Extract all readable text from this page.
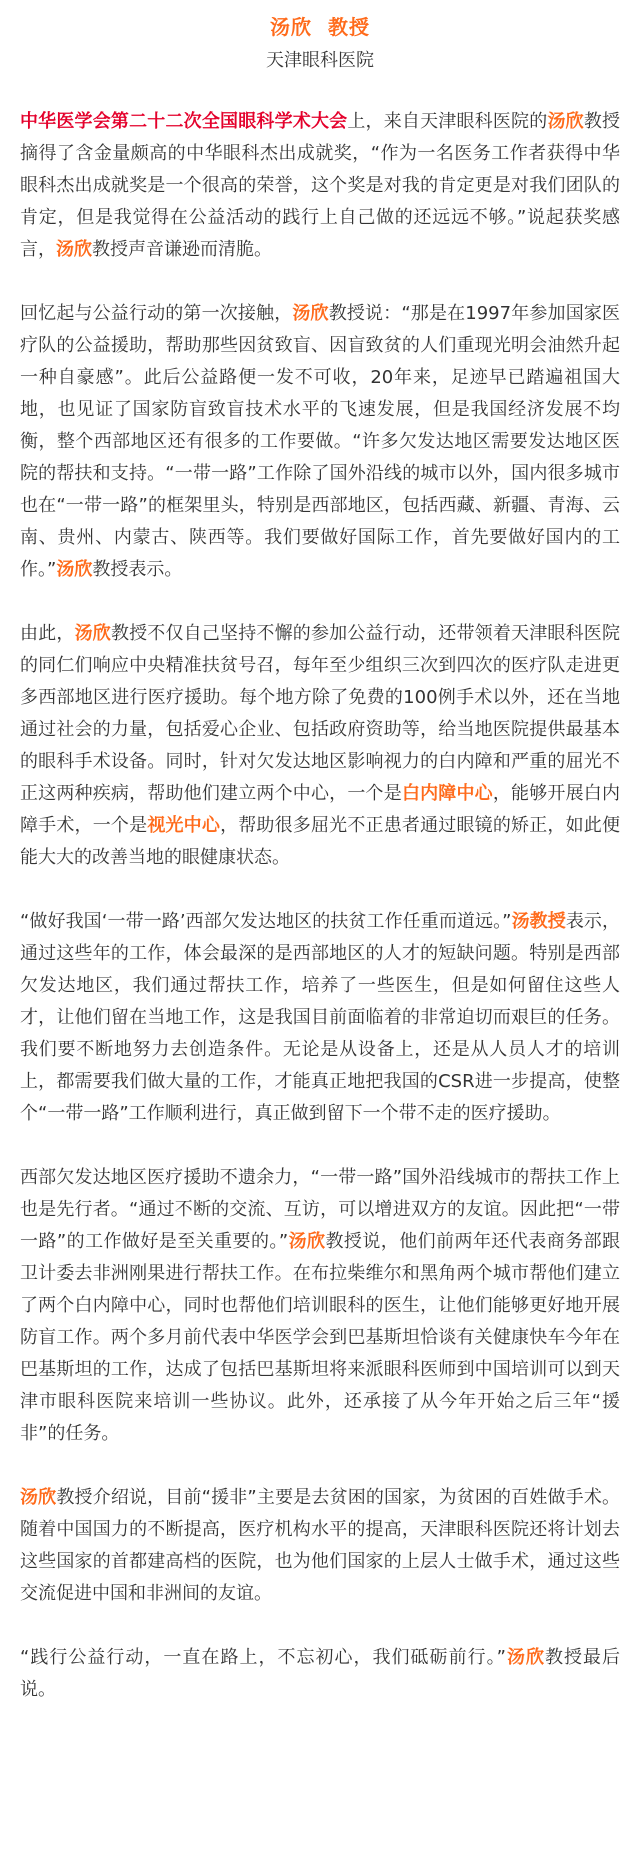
汤欣 教授
天津眼科医院

中华医学会第二十二次全国眼科学术大会上，来自天津眼科医院的汤欣教授摘得了含金量颇高的中华眼科杰出成就奖，“作为一名医务工作者获得中华眼科杰出成就奖是一个很高的荣誉，这个奖是对我的肯定更是对我们团队的肯定，但是我觉得在公益活动的践行上自己做的还远远不够。”说起获奖感言，汤欣教授声音谦逊而清脆。

回忆起与公益行动的第一次接触，汤欣教授说：“那是在1997年参加国家医疗队的公益援助，帮助那些因贫致盲、因盲致贫的人们重现光明会油然升起一种自豪感”。此后公益路便一发不可收，20年来，足迹早已踏遍祖国大地，也见证了国家防盲致盲技术水平的飞速发展，但是我国经济发展不均衡，整个西部地区还有很多的工作要做。“许多欠发达地区需要发达地区医院的帮扶和支持。“一带一路”工作除了国外沿线的城市以外，国内很多城市也在“一带一路”的框架里头，特别是西部地区，包括西藏、新疆、青海、云南、贵州、内蒙古、陕西等。我们要做好国际工作，首先要做好国内的工作。”汤欣教授表示。

由此，汤欣教授不仅自己坚持不懈的参加公益行动，还带领着天津眼科医院的同仁们响应中央精准扶贫号召，每年至少组织三次到四次的医疗队走进更多西部地区进行医疗援助。每个地方除了免费的100例手术以外，还在当地通过社会的力量，包括爱心企业、包括政府资助等，给当地医院提供最基本的眼科手术设备。同时，针对欠发达地区影响视力的白内障和严重的屈光不正这两种疾病，帮助他们建立两个中心，一个是白内障中心，能够开展白内障手术，一个是视光中心，帮助很多屈光不正患者通过眼镜的矫正，如此便能大大的改善当地的眼健康状态。

“做好我国‘一带一路’西部欠发达地区的扶贫工作任重而道远。”汤教授表示，通过这些年的工作，体会最深的是西部地区的人才的短缺问题。特别是西部欠发达地区，我们通过帮扶工作，培养了一些医生，但是如何留住这些人才，让他们留在当地工作，这是我国目前面临着的非常迫切而艰巨的任务。我们要不断地努力去创造条件。无论是从设备上，还是从人员人才的培训上，都需要我们做大量的工作，才能真正地把我国的CSR进一步提高，使整个“一带一路”工作顺利进行，真正做到留下一个带不走的医疗援助。

西部欠发达地区医疗援助不遗余力，“一带一路”国外沿线城市的帮扶工作上也是先行者。“通过不断的交流、互访，可以增进双方的友谊。因此把“一带一路”的工作做好是至关重要的。”汤欣教授说，他们前两年还代表商务部跟卫计委去非洲刚果进行帮扶工作。在布拉柴维尔和黑角两个城市帮他们建立了两个白内障中心，同时也帮他们培训眼科的医生，让他们能够更好地开展防盲工作。两个多月前代表中华医学会到巴基斯坦恰谈有关健康快车今年在巴基斯坦的工作，达成了包括巴基斯坦将来派眼科医师到中国培训可以到天津市眼科医院来培训一些协议。此外，还承接了从今年开始之后三年“援非”的任务。

汤欣教授介绍说，目前“援非”主要是去贫困的国家，为贫困的百姓做手术。随着中国国力的不断提高，医疗机构水平的提高，天津眼科医院还将计划去这些国家的首都建高档的医院，也为他们国家的上层人士做手术，通过这些交流促进中国和非洲间的友谊。

“践行公益行动，一直在路上，不忘初心，我们砥砺前行。”汤欣教授最后说。
